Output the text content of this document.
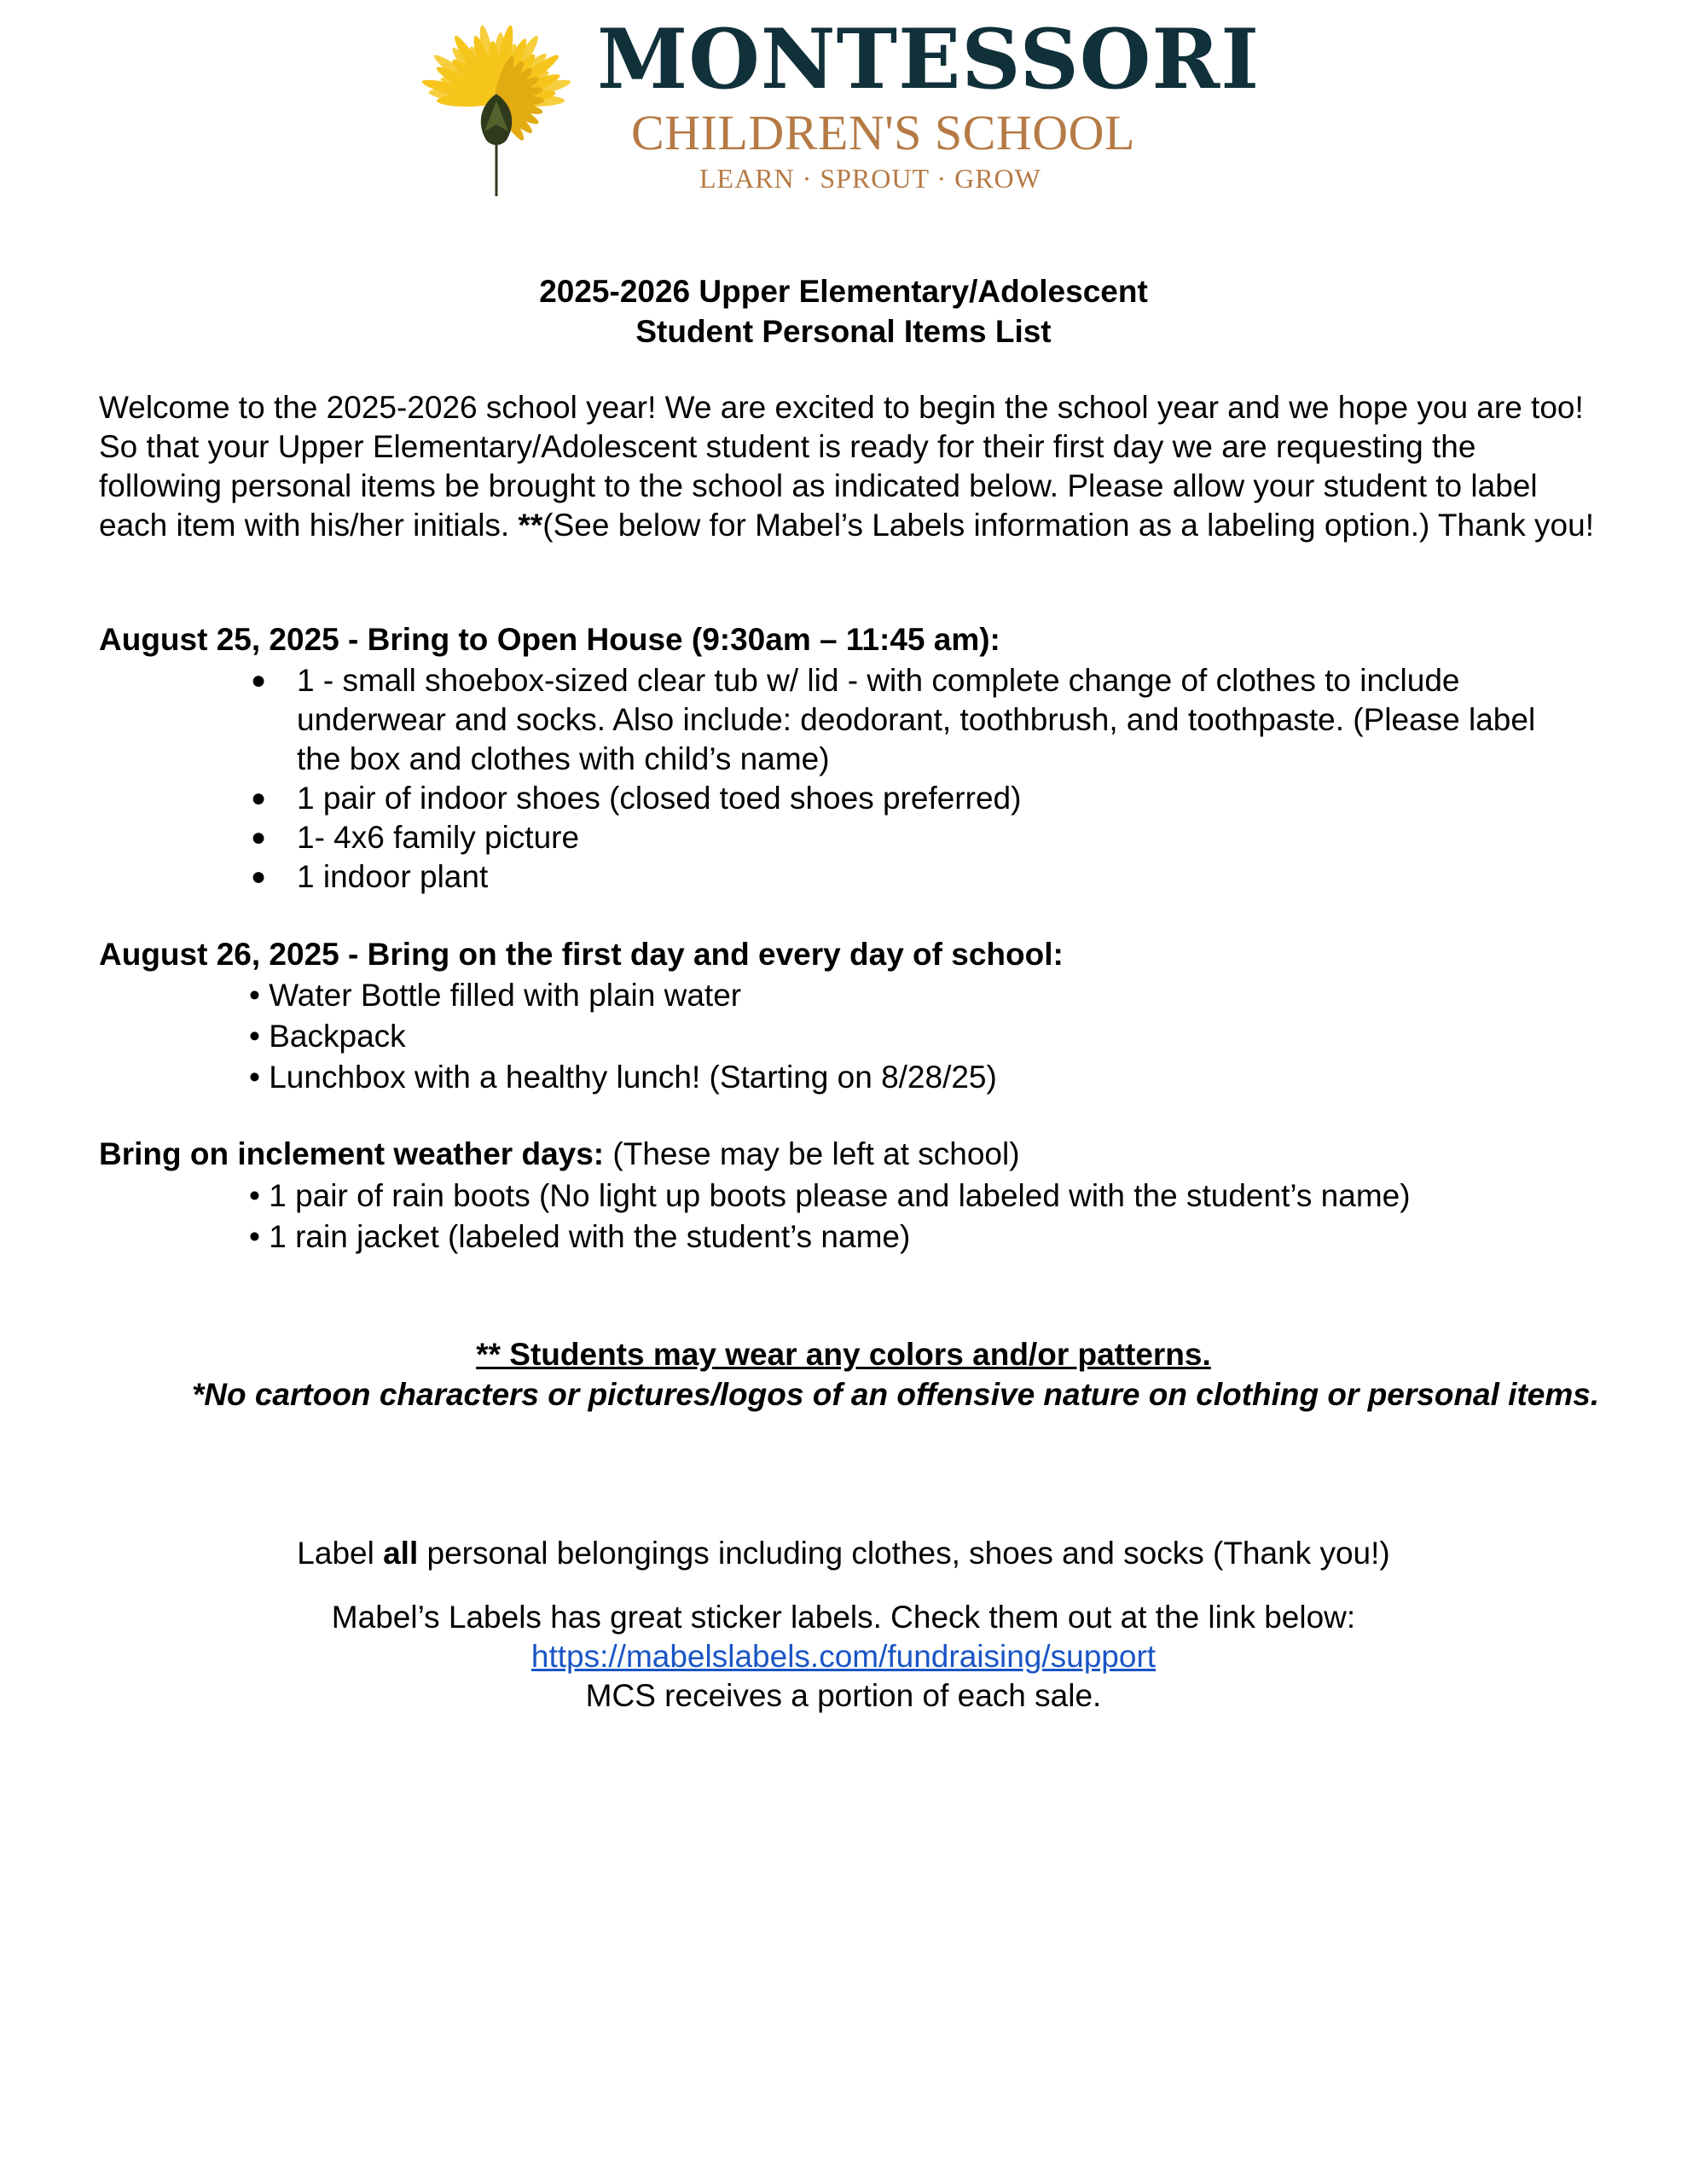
MONTESSORI
CHILDREN'S SCHOOL
LEARN · SPROUT · GROW
2025-2026 Upper Elementary/Adolescent
Student Personal Items List
Welcome to the 2025-2026 school year! We are excited to begin the school year and we hope you are too! So that your Upper Elementary/Adolescent student is ready for their first day we are requesting the following personal items be brought to the school as indicated below. Please allow your student to label each item with his/her initials. **(See below for Mabel’s Labels information as a labeling option.) Thank you!
August 25, 2025 - Bring to Open House (9:30am – 11:45 am):
● 1 - small shoebox-sized clear tub w/ lid - with complete change of clothes to include underwear and socks. Also include: deodorant, toothbrush, and toothpaste. (Please label the box and clothes with child’s name)
● 1 pair of indoor shoes (closed toed shoes preferred)
● 1- 4x6 family picture
● 1 indoor plant
August 26, 2025 - Bring on the first day and every day of school:
• Water Bottle filled with plain water
• Backpack
• Lunchbox with a healthy lunch! (Starting on 8/28/25)
Bring on inclement weather days: (These may be left at school)
• 1 pair of rain boots (No light up boots please and labeled with the student’s name)
• 1 rain jacket (labeled with the student’s name)
** Students may wear any colors and/or patterns.
*No cartoon characters or pictures/logos of an offensive nature on clothing or personal items.
Label all personal belongings including clothes, shoes and socks (Thank you!)
Mabel’s Labels has great sticker labels. Check them out at the link below:
https://mabelslabels.com/fundraising/support
MCS receives a portion of each sale.
